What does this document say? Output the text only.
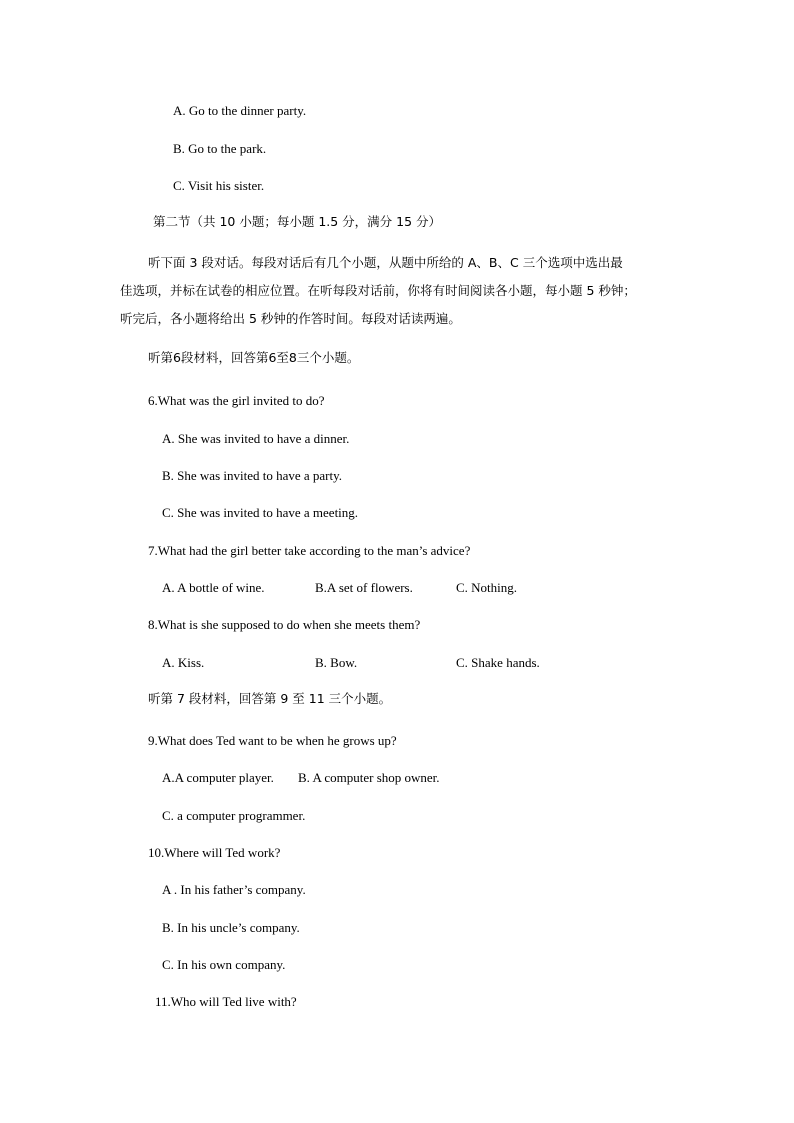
A. Go to the dinner party.
B. Go to the park.
C. Visit his sister.
第二节（共 10 小题；每小题 1.5 分，满分 15 分）
听下面 3 段对话。每段对话后有几个小题，从题中所给的 A、B、C 三个选项中选出最
佳选项，并标在试卷的相应位置。在听每段对话前，你将有时间阅读各小题，每小题 5 秒钟；
听完后，各小题将给出 5 秒钟的作答时间。每段对话读两遍。
听第6段材料，回答第6至8三个小题。
6.What was the girl invited to do?
A. She was invited to have a dinner.
B. She was invited to have a party.
C. She was invited to have a meeting.
7.What had the girl better take according to the man’s advice?
A. A bottle of wine.	B.A set of flowers.	C. Nothing.
8.What is she supposed to do when she meets them?
A. Kiss.	B. Bow.	C. Shake hands.
听第 7 段材料，回答第 9 至 11 三个小题。
9.What does Ted want to be when he grows up?
A.A computer player. B. A computer shop owner.
C. a computer programmer.
10.Where will Ted work?
A . In his father’s company.
B. In his uncle’s company.
C. In his own company.
11.Who will Ted live with?
